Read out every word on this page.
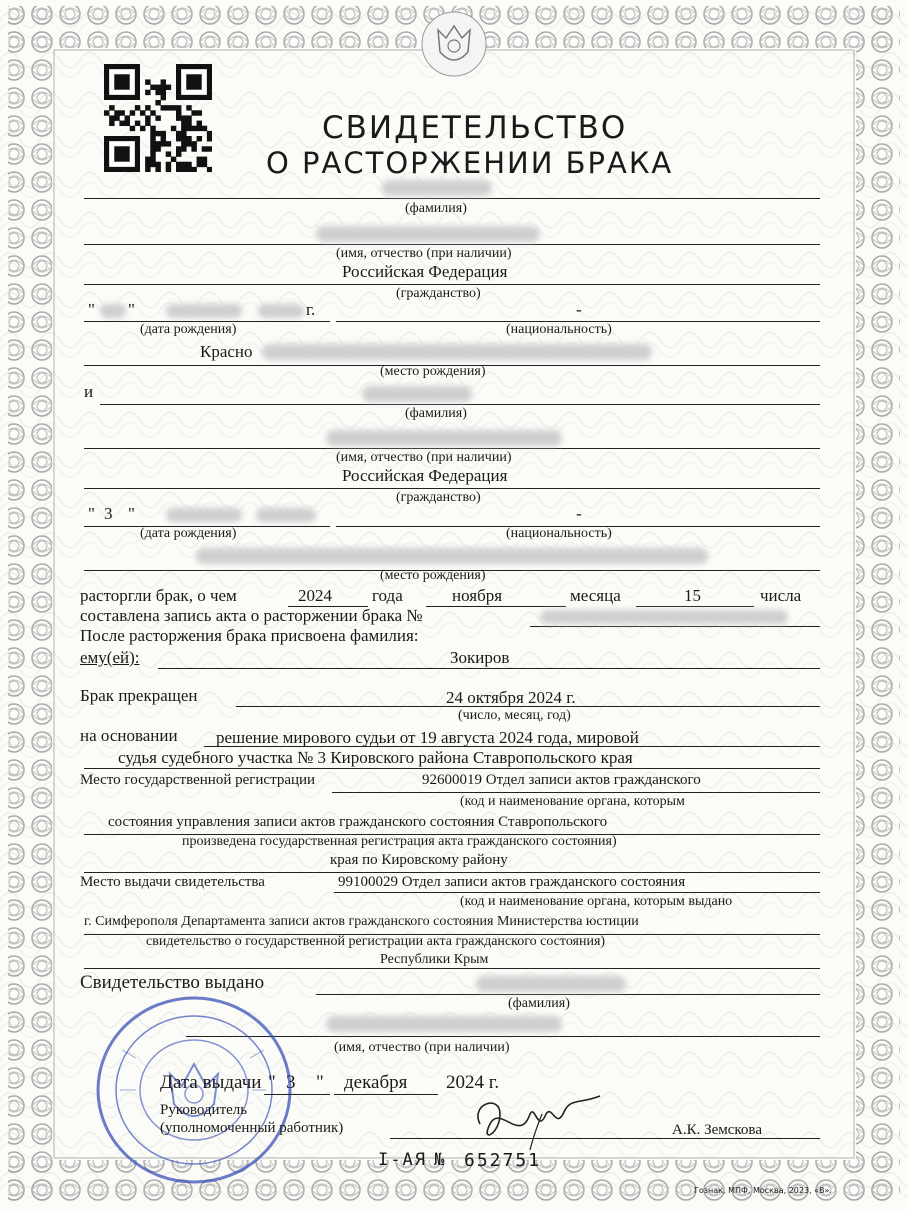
СВИДЕТЕЛЬСТВО
О РАСТОРЖЕНИИ БРАКА
(фамилия)
(имя, отчество (при наличии)
Российская Федерация
(гражданство)
" "	г.	-
(дата рождения)	(национальность)
Красно
(место рождения)
и
(фамилия)
(имя, отчество (при наличии)
Российская Федерация
(гражданство)
" 3 "	-
(дата рождения)	(национальность)
(место рождения)
расторгли брак, о чем	2024 года	ноября	месяца	15	числа
составлена запись акта о расторжении брака №
После расторжения брака присвоена фамилия:
ему(ей):	Зокиров
Брак прекращен	24 октября 2024 г.
(число, месяц, год)
на основании решение мирового судьи от 19 августа 2024 года, мировой
судья судебного участка № 3 Кировского района Ставропольского края
Место государственной регистрации	92600019 Отдел записи актов гражданского
(код и наименование органа, которым
состояния управления записи актов гражданского состояния Ставропольского
произведена государственная регистрация акта гражданского состояния)
края по Кировскому району
Место выдачи свидетельства	99100029 Отдел записи актов гражданского состояния
(код и наименование органа, которым выдано
г. Симферополя Департамента записи актов гражданского состояния Министерства юстиции
свидетельство о государственной регистрации акта гражданского состояния)
Республики Крым
Свидетельство выдано
(фамилия)
(имя, отчество (при наличии)
Дата выдачи " 3 " декабря 2024 г.
Руководитель
(уполномоченный работник)	А.К. Земскова
I-АЯ № 652751
Гознак, МПФ, Москва, 2023, «В».
